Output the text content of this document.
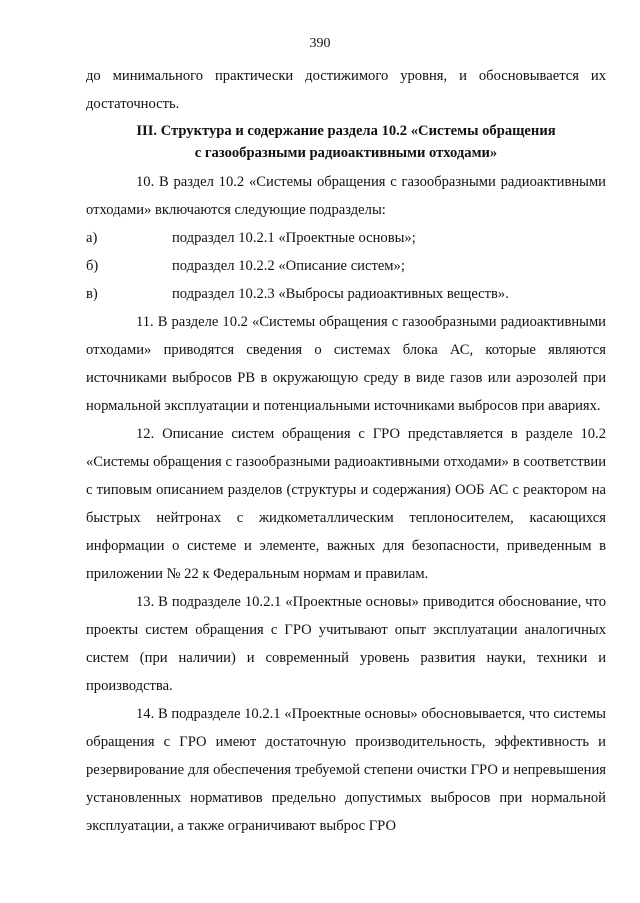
390

до минимального практически достижимого уровня, и обосновывается их достаточность.

III. Структура и содержание раздела 10.2 «Системы обращения
с газообразными радиоактивными отходами»

10. В раздел 10.2 «Системы обращения с газообразными радиоактивными отходами» включаются следующие подразделы:

а)	подраздел 10.2.1 «Проектные основы»;
б)	подраздел 10.2.2 «Описание систем»;
в)	подраздел 10.2.3 «Выбросы радиоактивных веществ».

11. В разделе 10.2 «Системы обращения с газообразными радиоактивными отходами» приводятся сведения о системах блока АС, которые являются источниками выбросов РВ в окружающую среду в виде газов или аэрозолей при нормальной эксплуатации и потенциальными источниками выбросов при авариях.

12. Описание систем обращения с ГРО представляется в разделе 10.2 «Системы обращения с газообразными радиоактивными отходами» в соответствии с типовым описанием разделов (структуры и содержания) ООБ АС с реактором на быстрых нейтронах с жидкометаллическим теплоносителем, касающихся информации о системе и элементе, важных для безопасности, приведенным в приложении № 22 к Федеральным нормам и правилам.

13. В подразделе 10.2.1 «Проектные основы» приводится обоснование, что проекты систем обращения с ГРО учитывают опыт эксплуатации аналогичных систем (при наличии) и современный уровень развития науки, техники и производства.

14. В подразделе 10.2.1 «Проектные основы» обосновывается, что системы обращения с ГРО имеют достаточную производительность, эффективность и резервирование для обеспечения требуемой степени очистки ГРО и непревышения установленных нормативов предельно допустимых выбросов при нормальной эксплуатации, а также ограничивают выброс ГРО
